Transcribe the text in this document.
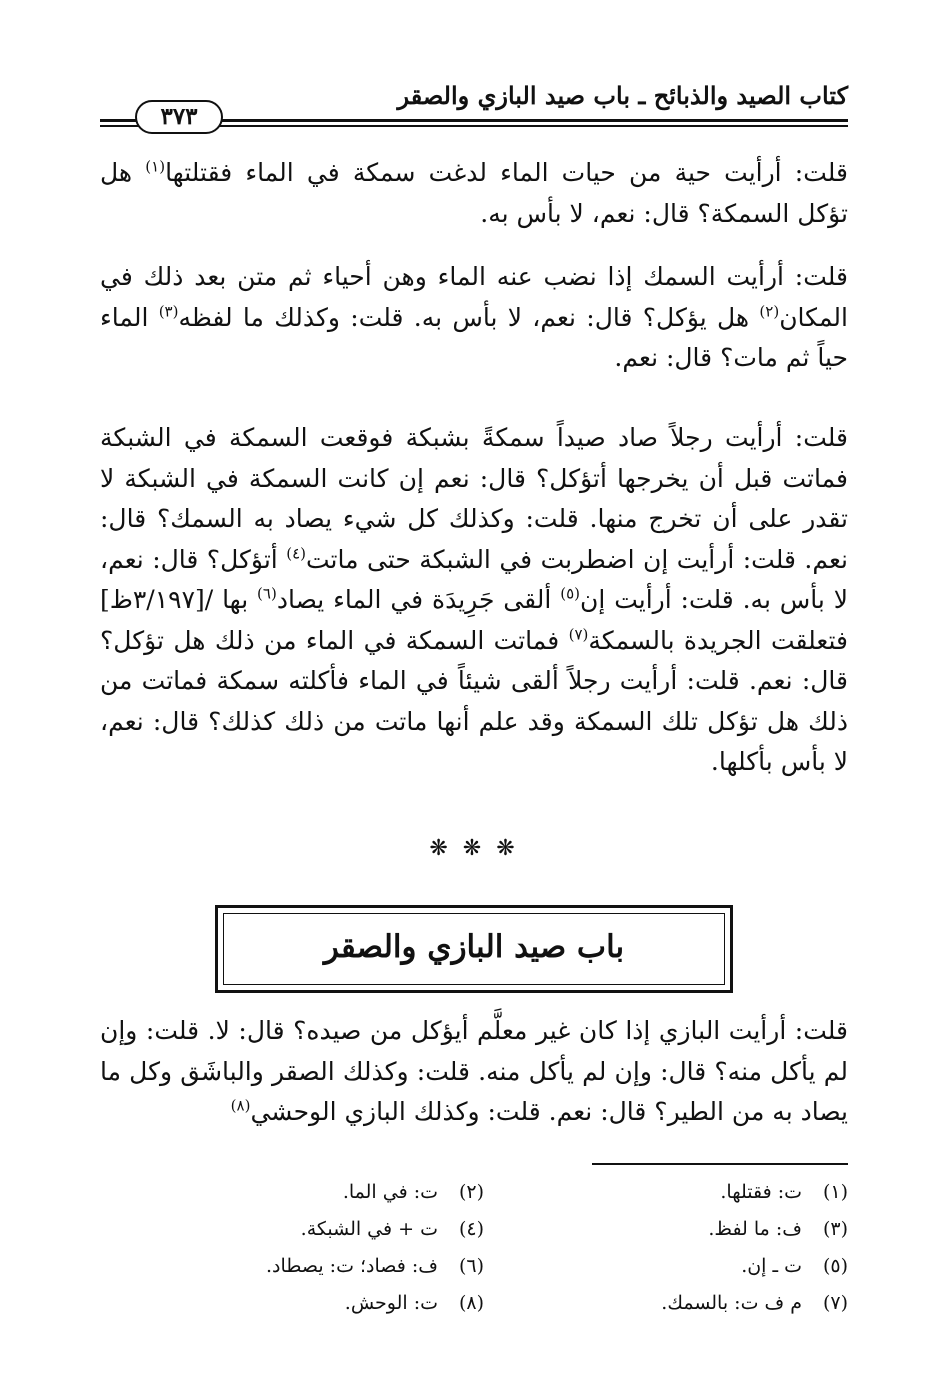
كتاب الصيد والذبائح ـ باب صيد البازي والصقر
٣٧٣

قلت: أرأيت حية من حيات الماء لدغت سمكة في الماء فقتلتها$^{(١)}$ هل تؤكل السمكة؟ قال: نعم، لا بأس به.

قلت: أرأيت السمك إذا نضب عنه الماء وهن أحياء ثم متن بعد ذلك في المكان$^{(٢)}$ هل يؤكل؟ قال: نعم، لا بأس به. قلت: وكذلك ما لفظه$^{(٣)}$ الماء حياً ثم مات؟ قال: نعم.

قلت: أرأيت رجلاً صاد صيداً سمكةً بشبكة فوقعت السمكة في الشبكة فماتت قبل أن يخرجها أتؤكل؟ قال: نعم إن كانت السمكة في الشبكة لا تقدر على أن تخرج منها. قلت: وكذلك كل شيء يصاد به السمك؟ قال: نعم. قلت: أرأيت إن اضطربت في الشبكة حتى ماتت$^{(٤)}$ أتؤكل؟ قال: نعم، لا بأس به. قلت: أرأيت إن$^{(٥)}$ ألقى جَرِيدَة في الماء يصاد$^{(٦)}$ بها /[٣/١٩٧ظ] فتعلقت الجريدة بالسمكة$^{(٧)}$ فماتت السمكة في الماء من ذلك هل تؤكل؟ قال: نعم. قلت: أرأيت رجلاً ألقى شيئاً في الماء فأكلته سمكة فماتت من ذلك هل تؤكل تلك السمكة وقد علم أنها ماتت من ذلك كذلك؟ قال: نعم، لا بأس بأكلها.

❋ ❋ ❋
باب صيد البازي والصقر

قلت: أرأيت البازي إذا كان غير معلَّم أيؤكل من صيده؟ قال: لا. قلت: وإن لم يأكل منه؟ قال: وإن لم يأكل منه. قلت: وكذلك الصقر والباشَق وكل ما يصاد به من الطير؟ قال: نعم. قلت: وكذلك البازي الوحشي$^{(٨)}$

(١)ت: فقتلها.
(٢)ت: في الما.
(٣)ف: ما لفظ.
(٤)ت + في الشبكة.
(٥)ت ـ إن.
(٦)ف: فصاد؛ ت: يصطاد.
(٧)م ف ت: بالسمك.
(٨)ت: الوحش.
